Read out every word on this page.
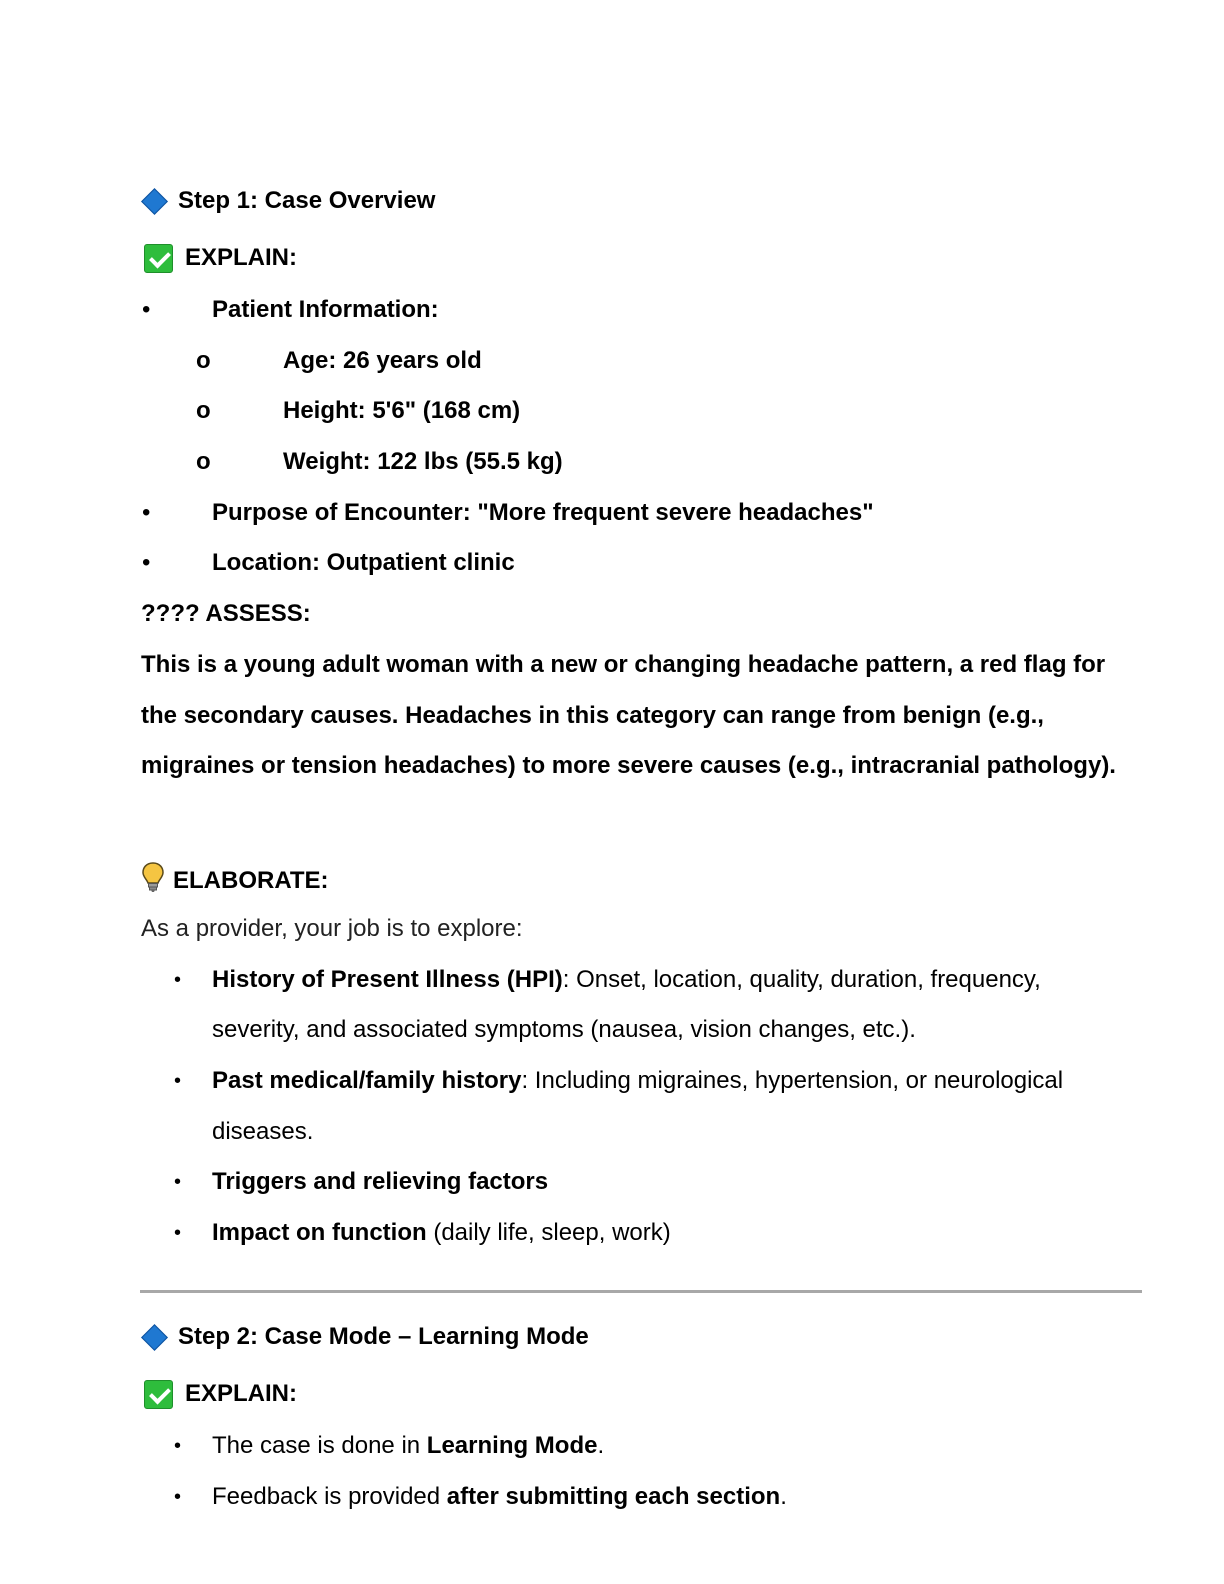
Step 1: Case Overview
EXPLAIN:
•	Patient Information:
o	Age: 26 years old
o	Height: 5'6" (168 cm)
o	Weight: 122 lbs (55.5 kg)
•	Purpose of Encounter: "More frequent severe headaches"
•	Location: Outpatient clinic
???? ASSESS:
This is a young adult woman with a new or changing headache pattern, a red flag for
the secondary causes. Headaches in this category can range from benign (e.g.,
migraines or tension headaches) to more severe causes (e.g., intracranial pathology).
ELABORATE:
As a provider, your job is to explore:
• History of Present Illness (HPI): Onset, location, quality, duration, frequency,
severity, and associated symptoms (nausea, vision changes, etc.).
• Past medical/family history: Including migraines, hypertension, or neurological
diseases.
• Triggers and relieving factors
• Impact on function (daily life, sleep, work)
Step 2: Case Mode – Learning Mode
EXPLAIN:
• The case is done in Learning Mode.
• Feedback is provided after submitting each section.
